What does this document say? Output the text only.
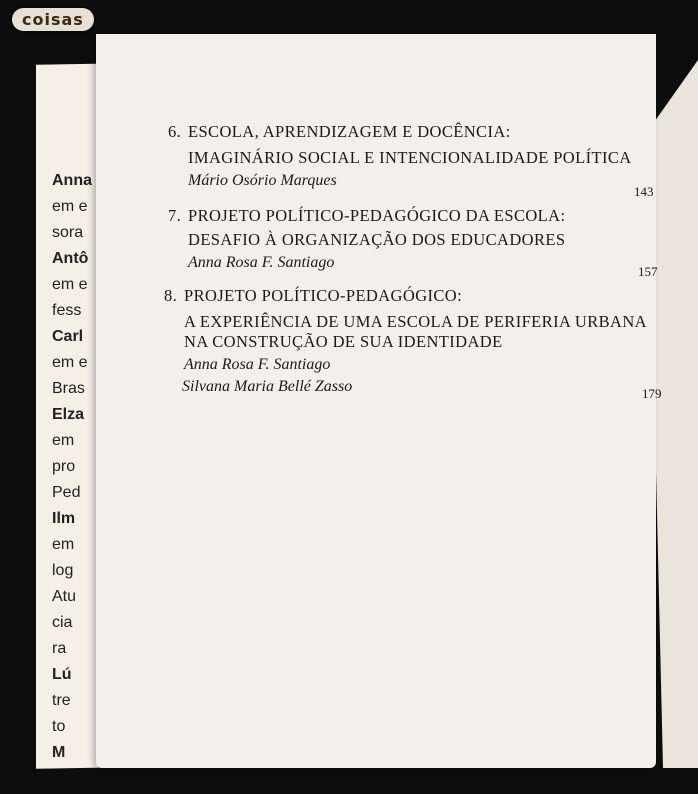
coisas
Anna
em e
sora
Antô
em e
fess
Carl
em e
Bras
Elza
em
pro
Ped
Ilm
em
log
Atu
cia
ra
Lú
tre
to
M

6. ESCOLA, APRENDIZAGEM E DOCÊNCIA:
IMAGINÁRIO SOCIAL E INTENCIONALIDADE POLÍTICA
Mário Osório Marques
143
7. PROJETO POLÍTICO-PEDAGÓGICO DA ESCOLA:
DESAFIO À ORGANIZAÇÃO DOS EDUCADORES
Anna Rosa F. Santiago
157
8. PROJETO POLÍTICO-PEDAGÓGICO:
A EXPERIÊNCIA DE UMA ESCOLA DE PERIFERIA URBANA
NA CONSTRUÇÃO DE SUA IDENTIDADE
Anna Rosa F. Santiago
Silvana Maria Bellé Zasso	179
